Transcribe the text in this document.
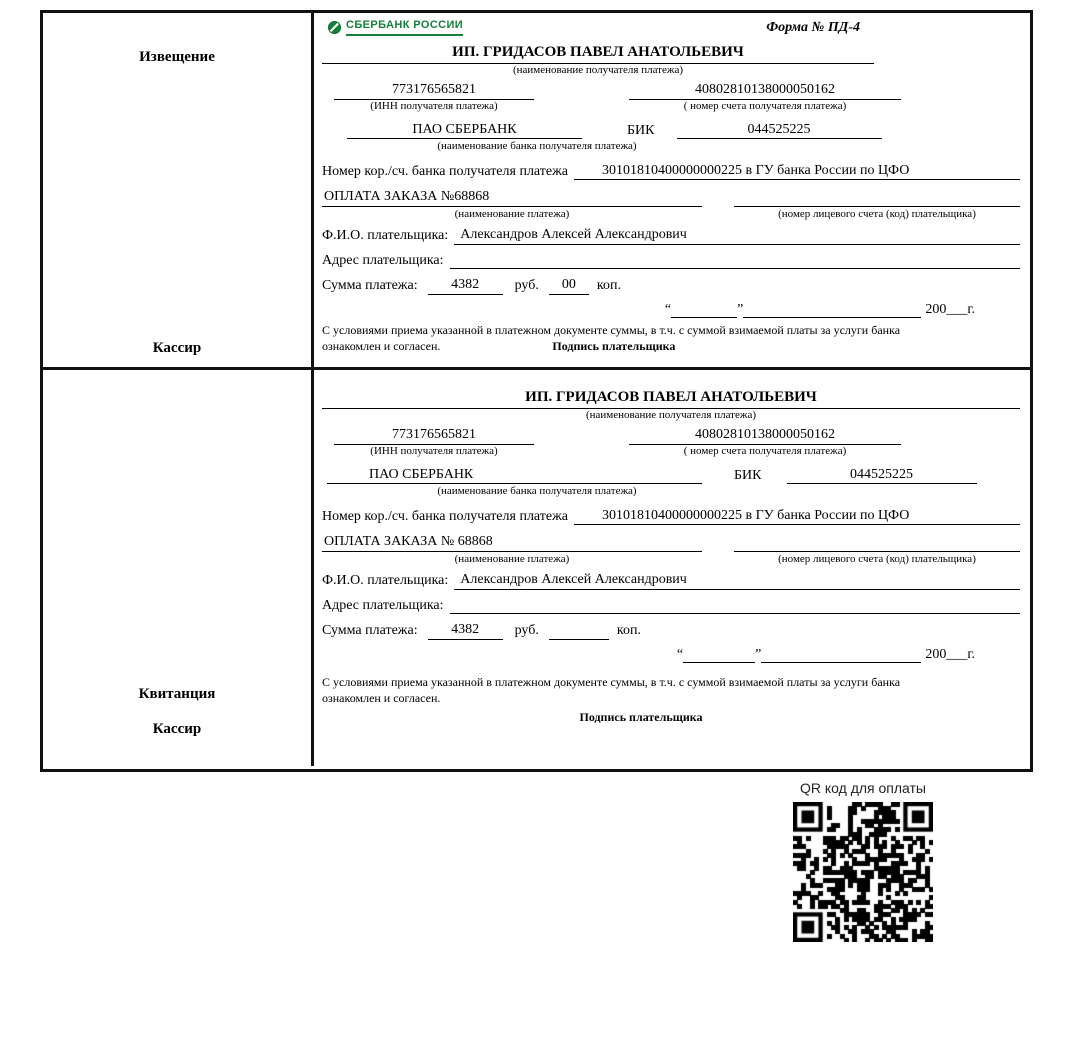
Извещение
Кассир
СБЕРБАНК РОССИИ	Форма № ПД-4
ИП. ГРИДАСОВ ПАВЕЛ АНАТОЛЬЕВИЧ
(наименование получателя платежа)
773176565821
(ИНН получателя платежа)
40802810138000050162
( номер счета получателя платежа)
ПАО СБЕРБАНК	БИК	044525225
(наименование банка получателя платежа)
Номер кор./сч. банка получателя платежа	30101810400000000225 в ГУ банка России по ЦФО
ОПЛАТА ЗАКАЗА №68868
(наименование платежа)	(номер лицевого счета (код) плательщика)
Ф.И.О. плательщика: Александров Алексей Александрович
Адрес плательщика:
Сумма платежа:	4382	руб.	00	коп.
“	”	200___г.
С условиями приема указанной в платежном документе суммы, в т.ч. с суммой взимаемой платы за услуги банка
ознакомлен и согласен.	Подпись плательщика
Квитанция
Кассир
ИП. ГРИДАСОВ ПАВЕЛ АНАТОЛЬЕВИЧ
(наименование получателя платежа)
773176565821
(ИНН получателя платежа)
40802810138000050162
( номер счета получателя платежа)
ПАО СБЕРБАНК	БИК	044525225
(наименование банка получателя платежа)
Номер кор./сч. банка получателя платежа	30101810400000000225 в ГУ банка России по ЦФО
ОПЛАТА ЗАКАЗА № 68868
(наименование платежа)	(номер лицевого счета (код) плательщика)
Ф.И.О. плательщика: Александров Алексей Александрович
Адрес плательщика:
Сумма платежа:	4382	руб.	коп.
“	”	200___г.
С условиями приема указанной в платежном документе суммы, в т.ч. с суммой взимаемой платы за услуги банка
ознакомлен и согласен.
Подпись плательщика
QR код для оплаты
